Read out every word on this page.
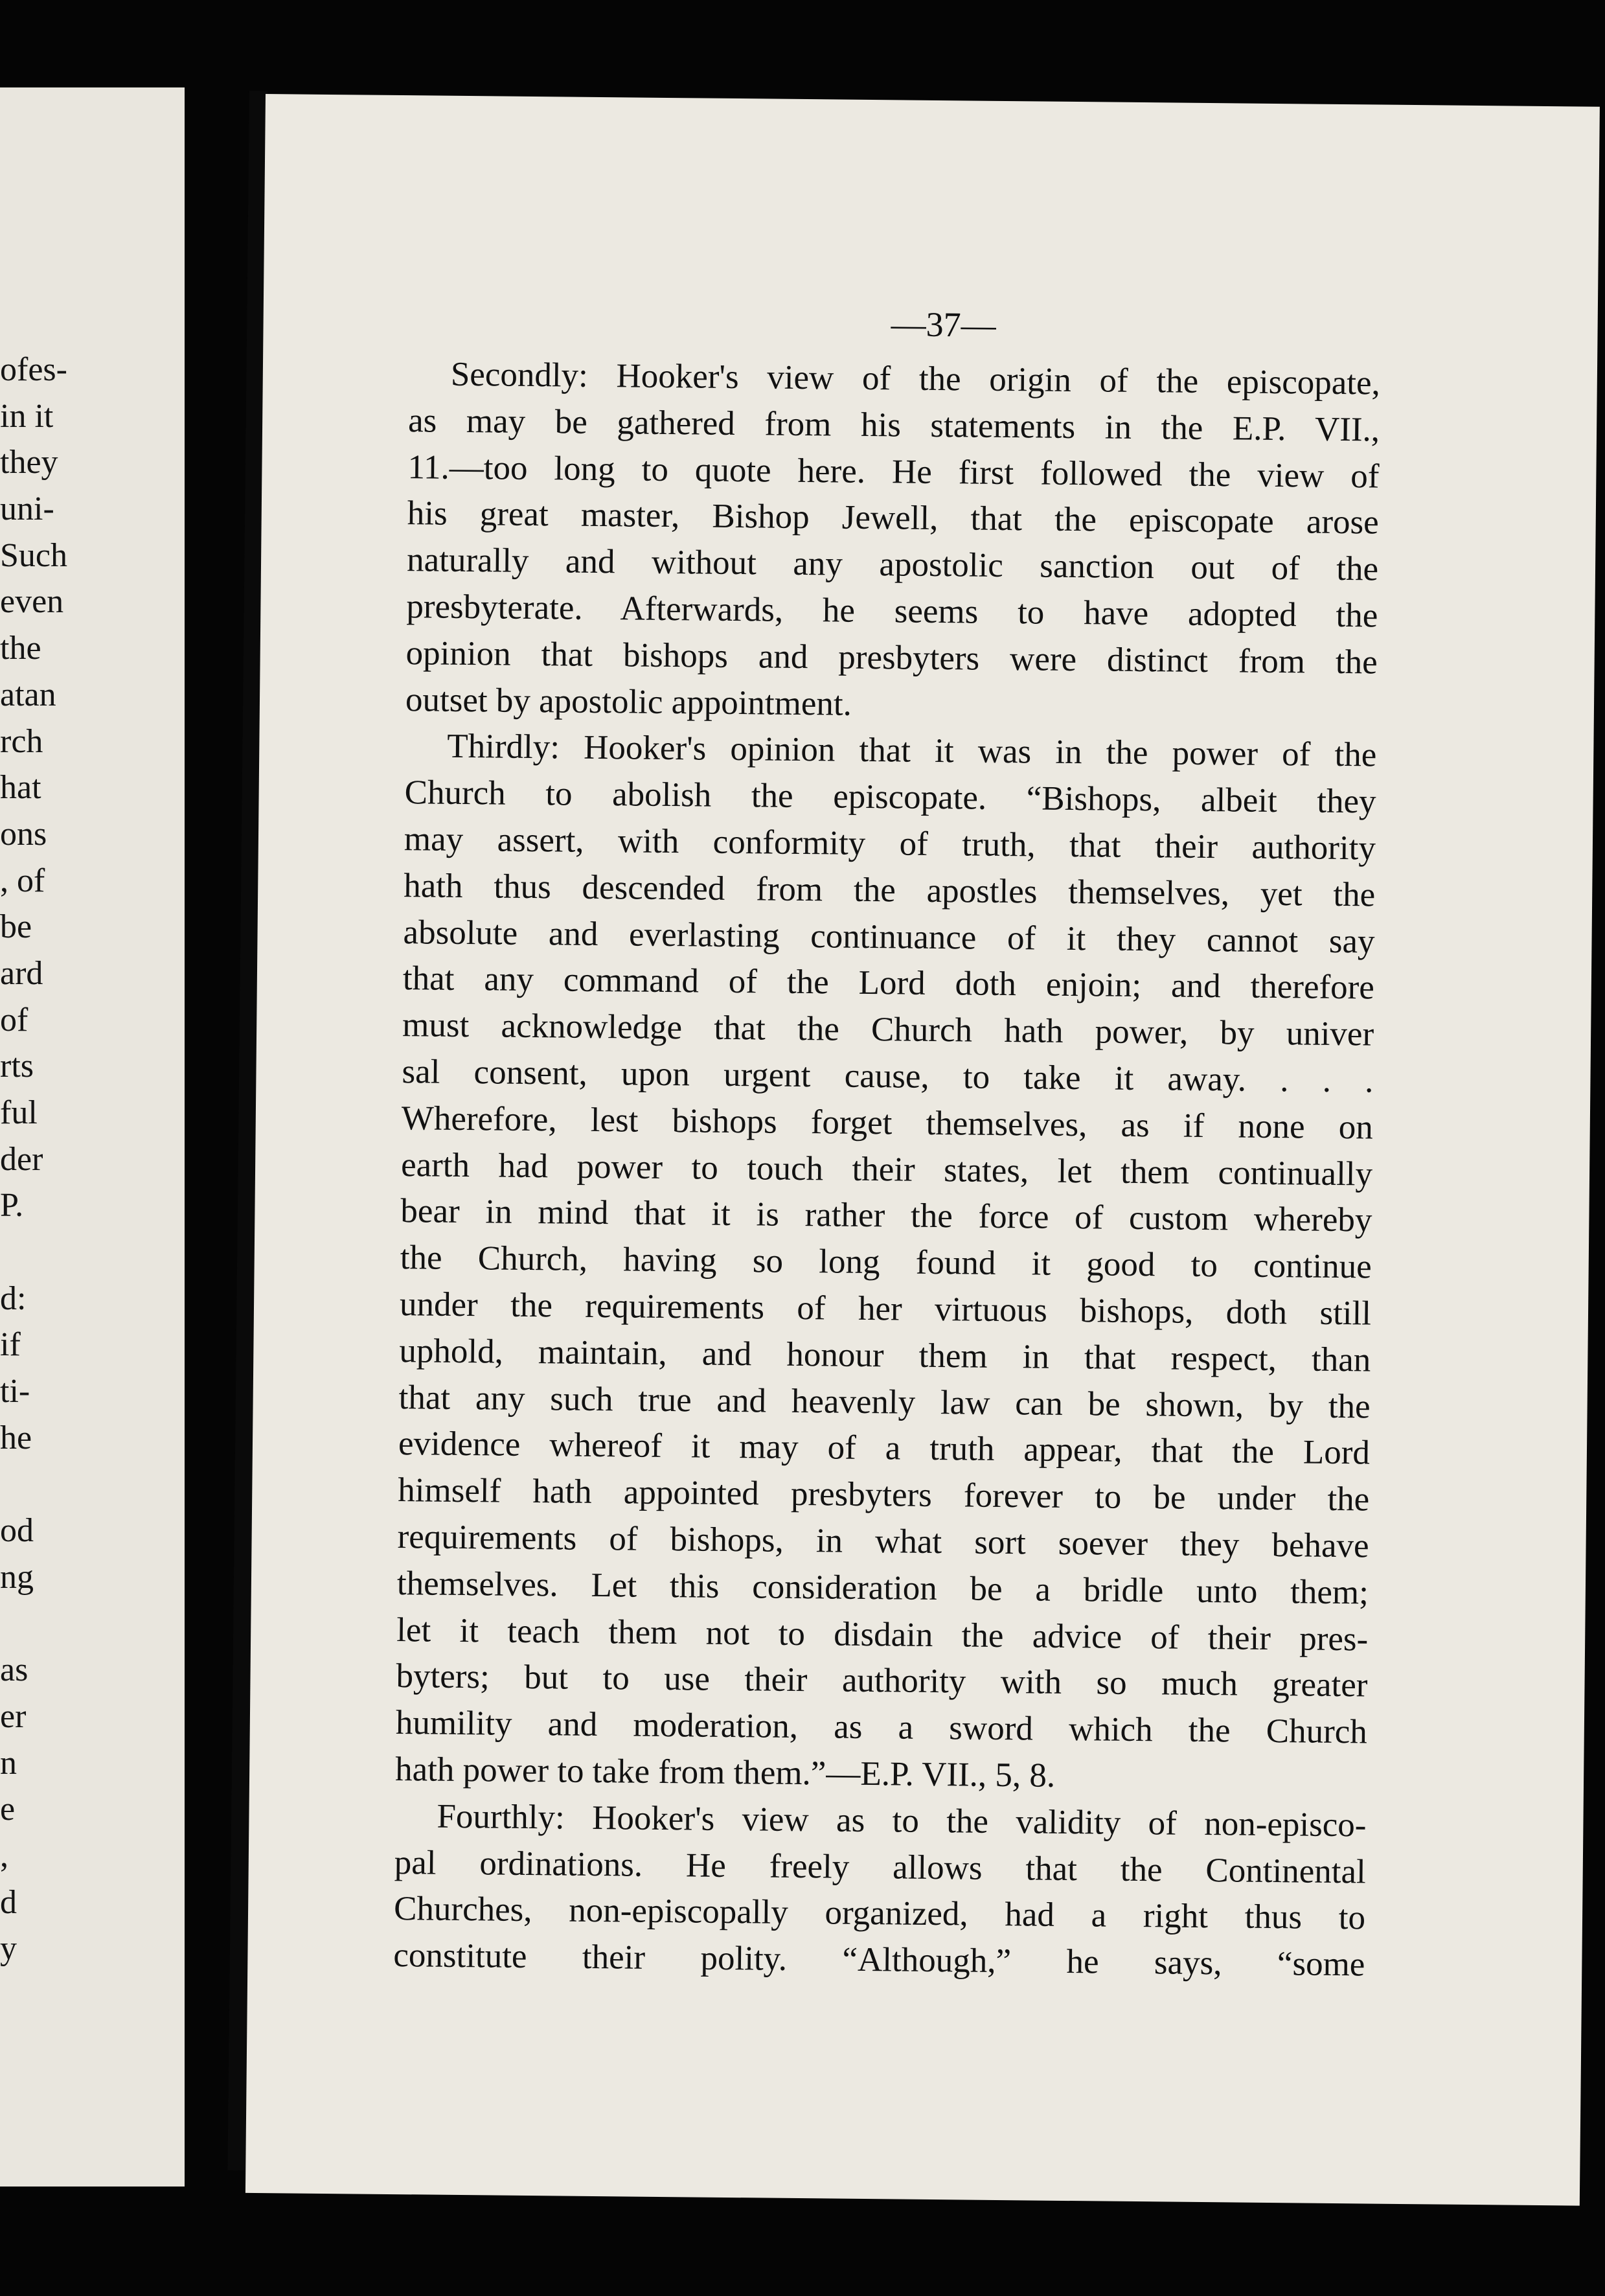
ofes-
in it
they
uni-
Such
even
the
atan
rch
hat
ons
, of
be
ard
of
rts
ful
der
P.
d:
if
ti-
he
od
ng
as
er
n
e
,
d
y
—37—
Secondly: Hooker's view of the origin of the episcopate,
as may be gathered from his statements in the E.P. VII.,
11.—too long to quote here. He first followed the view of
his great master, Bishop Jewell, that the episcopate arose
naturally and without any apostolic sanction out of the
presbyterate. Afterwards, he seems to have adopted the
opinion that bishops and presbyters were distinct from the
outset by apostolic appointment.
Thirdly: Hooker's opinion that it was in the power of the
Church to abolish the episcopate. “Bishops, albeit they
may assert, with conformity of truth, that their authority
hath thus descended from the apostles themselves, yet the
absolute and everlasting continuance of it they cannot say
that any command of the Lord doth enjoin; and therefore
must acknowledge that the Church hath power, by univer
sal consent, upon urgent cause, to take it away. . . .
Wherefore, lest bishops forget themselves, as if none on
earth had power to touch their states, let them continually
bear in mind that it is rather the force of custom whereby
the Church, having so long found it good to continue
under the requirements of her virtuous bishops, doth still
uphold, maintain, and honour them in that respect, than
that any such true and heavenly law can be shown, by the
evidence whereof it may of a truth appear, that the Lord
himself hath appointed presbyters forever to be under the
requirements of bishops, in what sort soever they behave
themselves. Let this consideration be a bridle unto them;
let it teach them not to disdain the advice of their pres-
byters; but to use their authority with so much greater
humility and moderation, as a sword which the Church
hath power to take from them.”—E.P. VII., 5, 8.
Fourthly: Hooker's view as to the validity of non-episco-
pal ordinations. He freely allows that the Continental
Churches, non-episcopally organized, had a right thus to
constitute their polity. “Although,” he says, “some
